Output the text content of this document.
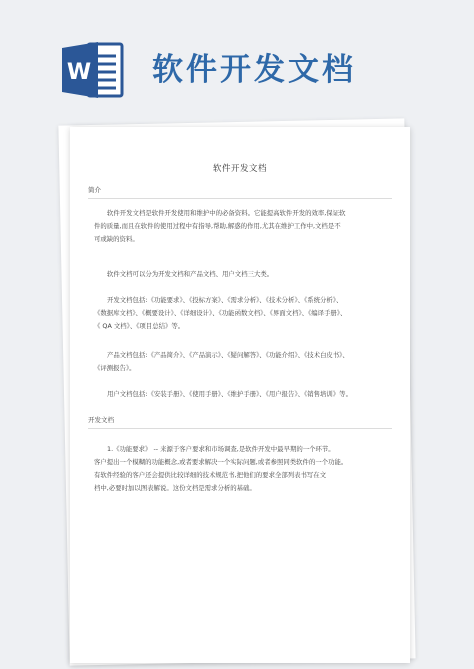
W 软件开发文档
软件开发文档
简介
软件开发文档是软件开发使用和维护中的必备资料。它能提高软件开发的效率,保证软
件的质量,而且在软件的使用过程中有指导,帮助,解惑的作用,尤其在维护工作中,文档是不
可或缺的资料。
软件文档可以分为开发文档和产品文档、用户文档三大类。
开发文档包括:《功能要求》、《投标方案》、《需求分析》、《技术分析》、《系统分析》、
《数据库文档》、《概要设计》、《详细设计》、《功能函数文档》、《界面文档》、《编译手册》、
《 QA 文档》、《项目总结》等。
产品文档包括:《产品简介》、《产品演示》、《疑问解答》、《功能介绍》、《技术白皮书》、
《评测报告》。
用户文档包括:《安装手册》、《使用手册》、《维护手册》、《用户报告》、《销售培训》等。
开发文档
1.《功能要求》 -- 来源于客户要求和市场调查,是软件开发中最早期的一个环节。
客户提出一个模糊的功能概念,或者要求解决一个实际问题,或者参照同类软件的一个功能。
有软件经验的客户还会提供比较详细的技术规范书,把他们的要求全部列表书写在文
档中,必要时加以图表解说。这份文档是需求分析的基础。
